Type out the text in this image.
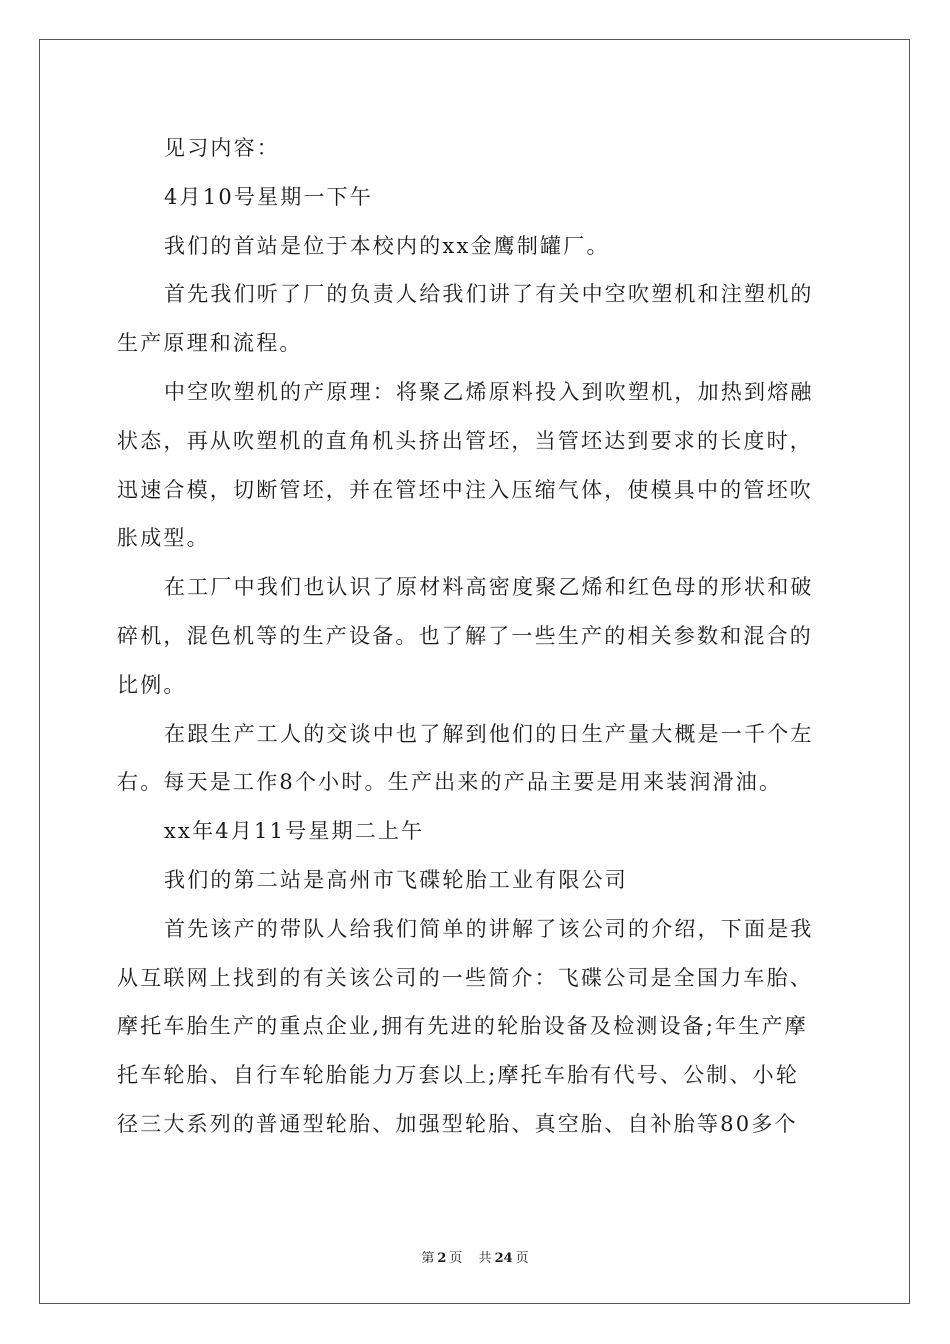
见习内容：
4月10号星期一下午
我们的首站是位于本校内的xx金鹰制罐厂。
首先我们听了厂的负责人给我们讲了有关中空吹塑机和注塑机的
生产原理和流程。
中空吹塑机的产原理：将聚乙烯原料投入到吹塑机，加热到熔融
状态，再从吹塑机的直角机头挤出管坯，当管坯达到要求的长度时，
迅速合模，切断管坯，并在管坯中注入压缩气体，使模具中的管坯吹
胀成型。
在工厂中我们也认识了原材料高密度聚乙烯和红色母的形状和破
碎机，混色机等的生产设备。也了解了一些生产的相关参数和混合的
比例。
在跟生产工人的交谈中也了解到他们的日生产量大概是一千个左
右。每天是工作8个小时。生产出来的产品主要是用来装润滑油。
xx年4月11号星期二上午
我们的第二站是高州市飞碟轮胎工业有限公司
首先该产的带队人给我们简单的讲解了该公司的介绍，下面是我
从互联网上找到的有关该公司的一些简介：飞碟公司是全国力车胎、
摩托车胎生产的重点企业,拥有先进的轮胎设备及检测设备;年生产摩
托车轮胎、自行车轮胎能力万套以上;摩托车胎有代号、公制、小轮
径三大系列的普通型轮胎、加强型轮胎、真空胎、自补胎等80多个
第 2 页 共 24 页
